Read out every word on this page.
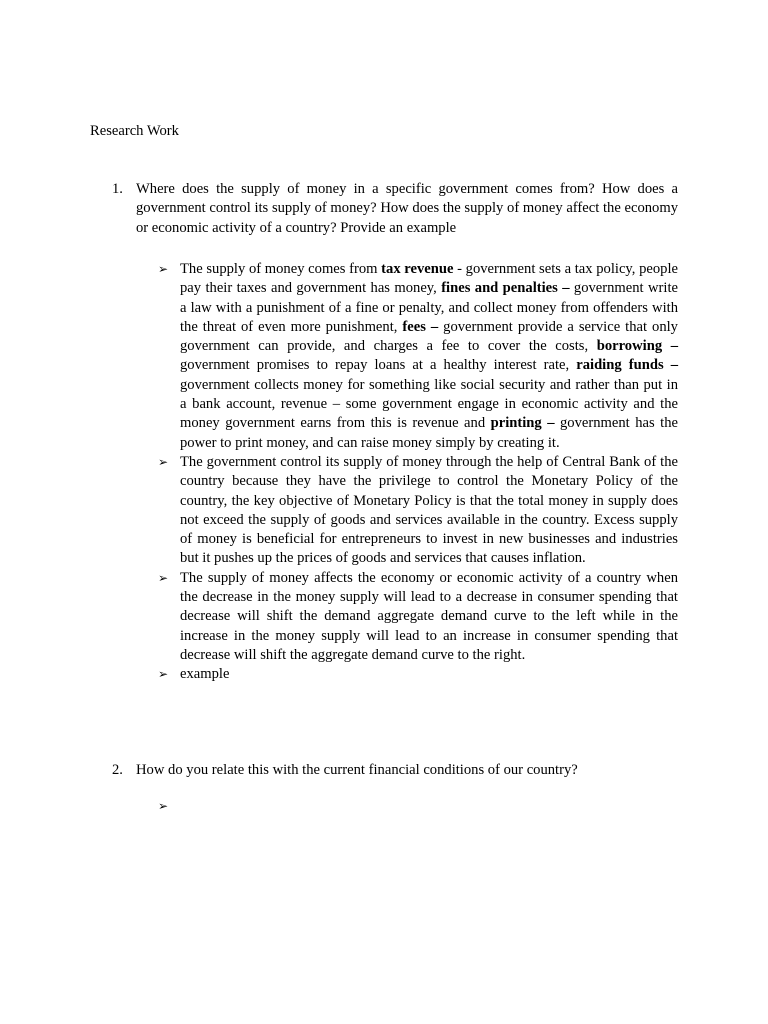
Research Work
1. Where does the supply of money in a specific government comes from? How does a government control its supply of money? How does the supply of money affect the economy or economic activity of a country? Provide an example
➢ The supply of money comes from tax revenue - government sets a tax policy, people pay their taxes and government has money, fines and penalties – government write a law with a punishment of a fine or penalty, and collect money from offenders with the threat of even more punishment, fees – government provide a service that only government can provide, and charges a fee to cover the costs, borrowing – government promises to repay loans at a healthy interest rate, raiding funds – government collects money for something like social security and rather than put in a bank account, revenue – some government engage in economic activity and the money government earns from this is revenue and printing – government has the power to print money, and can raise money simply by creating it.
➢ The government control its supply of money through the help of Central Bank of the country because they have the privilege to control the Monetary Policy of the country, the key objective of Monetary Policy is that the total money in supply does not exceed the supply of goods and services available in the country. Excess supply of money is beneficial for entrepreneurs to invest in new businesses and industries but it pushes up the prices of goods and services that causes inflation.
➢ The supply of money affects the economy or economic activity of a country when the decrease in the money supply will lead to a decrease in consumer spending that decrease will shift the demand aggregate demand curve to the left while in the increase in the money supply will lead to an increase in consumer spending that decrease will shift the aggregate demand curve to the right.
➢ example
2. How do you relate this with the current financial conditions of our country?
➢
